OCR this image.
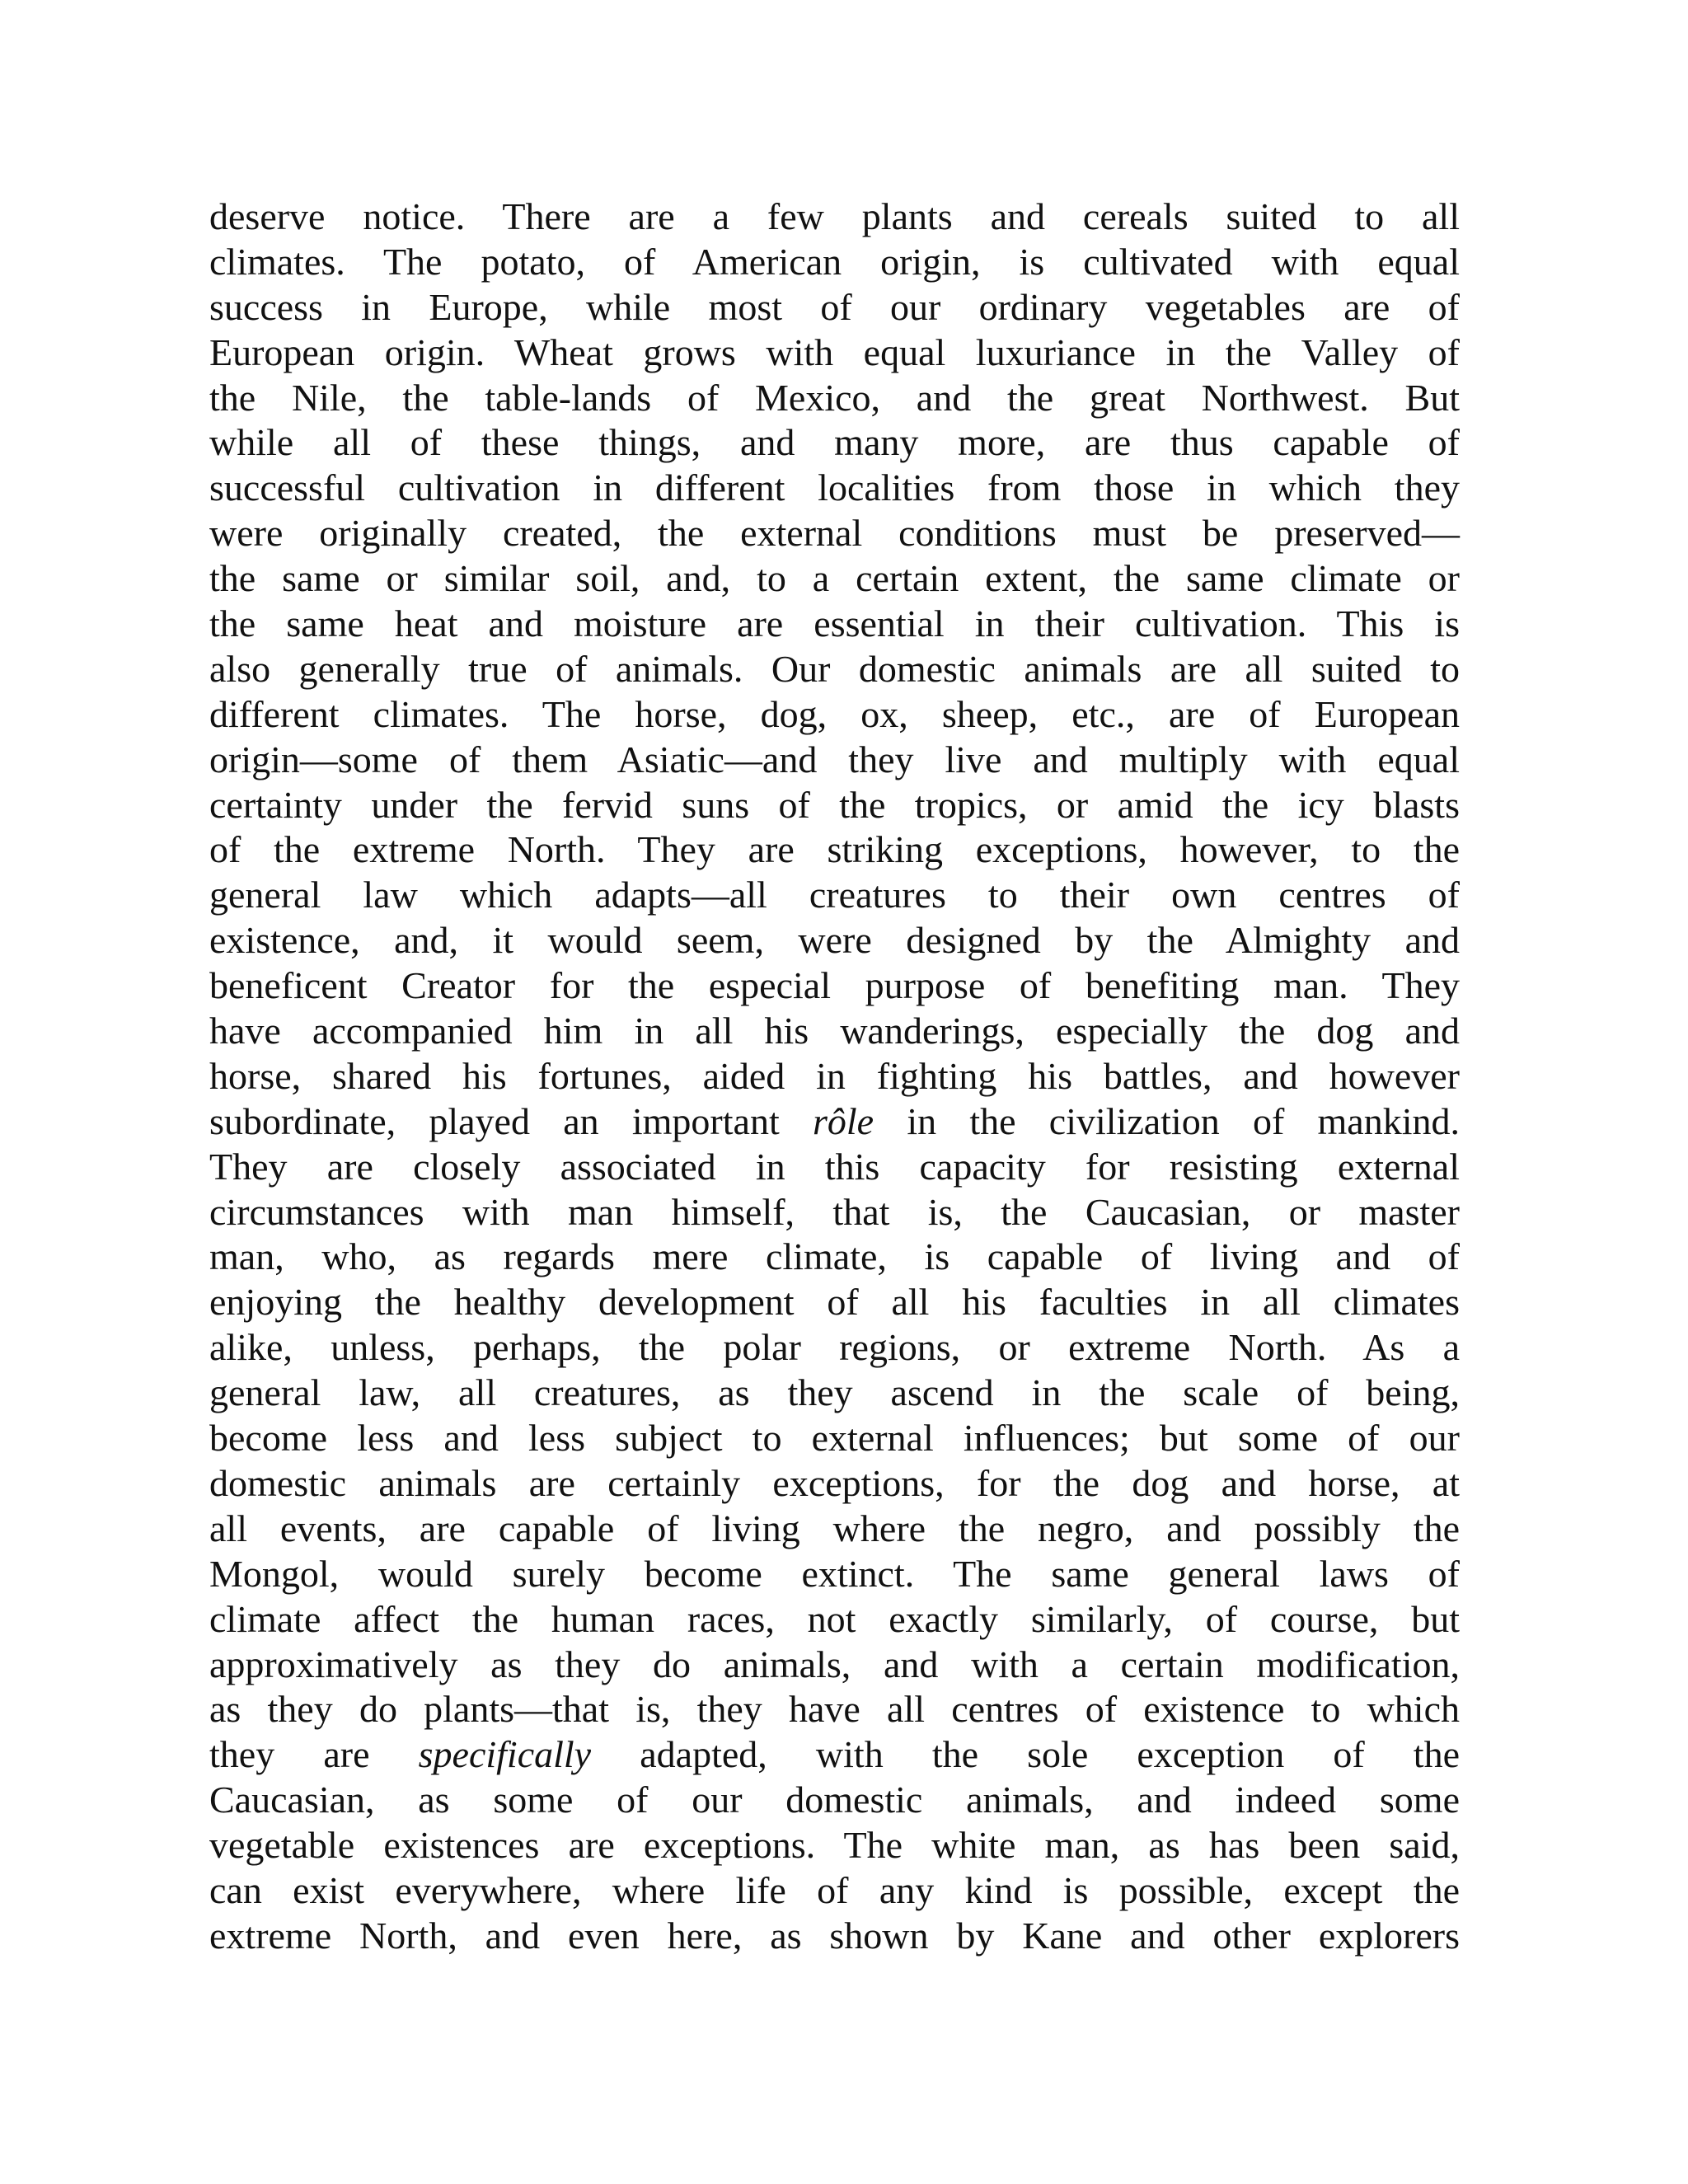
deserve notice. There are a few plants and cereals suited to all
climates. The potato, of American origin, is cultivated with equal
success in Europe, while most of our ordinary vegetables are of
European origin. Wheat grows with equal luxuriance in the Valley of
the Nile, the table-lands of Mexico, and the great Northwest. But
while all of these things, and many more, are thus capable of
successful cultivation in different localities from those in which they
were originally created, the external conditions must be preserved—
the same or similar soil, and, to a certain extent, the same climate or
the same heat and moisture are essential in their cultivation. This is
also generally true of animals. Our domestic animals are all suited to
different climates. The horse, dog, ox, sheep, etc., are of European
origin—some of them Asiatic—and they live and multiply with equal
certainty under the fervid suns of the tropics, or amid the icy blasts
of the extreme North. They are striking exceptions, however, to the
general law which adapts—all creatures to their own centres of
existence, and, it would seem, were designed by the Almighty and
beneficent Creator for the especial purpose of benefiting man. They
have accompanied him in all his wanderings, especially the dog and
horse, shared his fortunes, aided in fighting his battles, and however
subordinate, played an important rôle in the civilization of mankind.
They are closely associated in this capacity for resisting external
circumstances with man himself, that is, the Caucasian, or master
man, who, as regards mere climate, is capable of living and of
enjoying the healthy development of all his faculties in all climates
alike, unless, perhaps, the polar regions, or extreme North. As a
general law, all creatures, as they ascend in the scale of being,
become less and less subject to external influences; but some of our
domestic animals are certainly exceptions, for the dog and horse, at
all events, are capable of living where the negro, and possibly the
Mongol, would surely become extinct. The same general laws of
climate affect the human races, not exactly similarly, of course, but
approximatively as they do animals, and with a certain modification,
as they do plants—that is, they have all centres of existence to which
they are specifically adapted, with the sole exception of the
Caucasian, as some of our domestic animals, and indeed some
vegetable existences are exceptions. The white man, as has been said,
can exist everywhere, where life of any kind is possible, except the
extreme North, and even here, as shown by Kane and other explorers
